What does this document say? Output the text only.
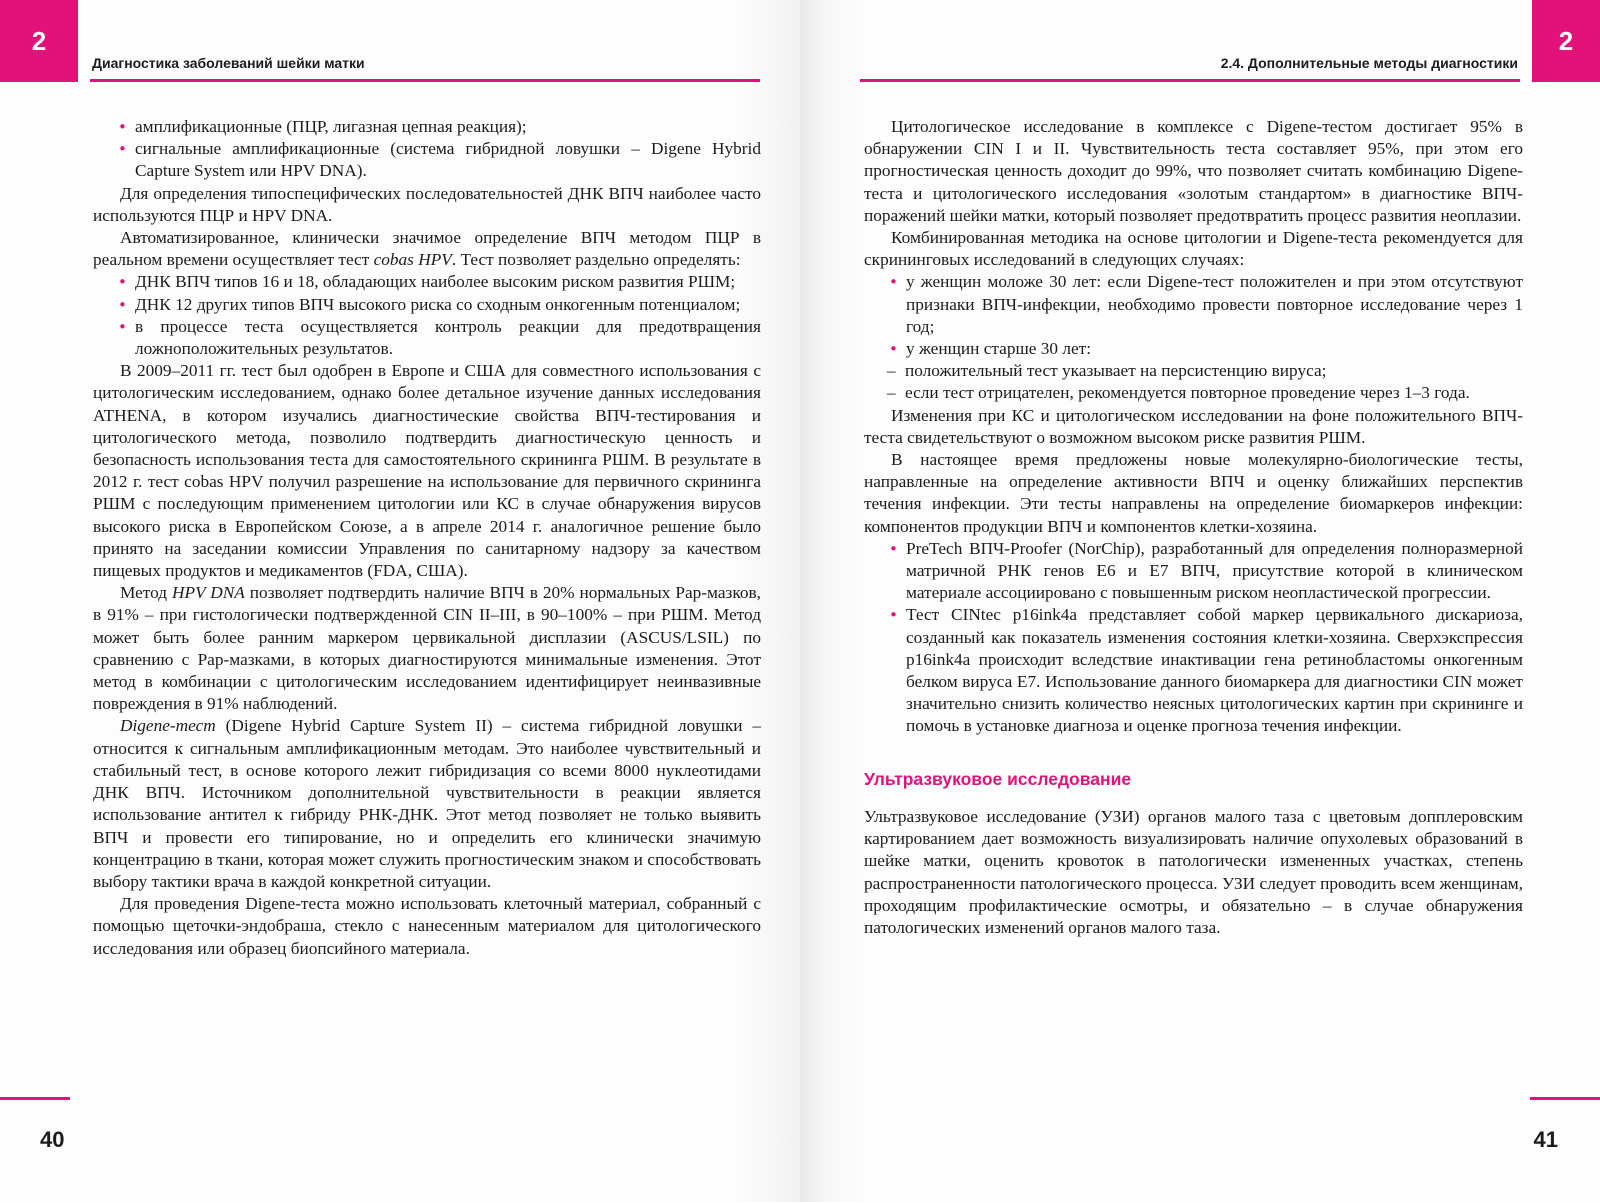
2
Диагностика заболеваний шейки матки
• амплификационные (ПЦР, лигазная цепная реакция);
• сигнальные амплификационные (система гибридной ловушки – Digene Hybrid Capture System или HPV DNA).

Для определения типоспецифических последовательностей ДНК ВПЧ наиболее часто используются ПЦР и HPV DNA.

Автоматизированное, клинически значимое определение ВПЧ методом ПЦР в реальном времени осуществляет тест cobas HPV. Тест позволяет раздельно определять:

• ДНК ВПЧ типов 16 и 18, обладающих наиболее высоким риском развития РШМ;
• ДНК 12 других типов ВПЧ высокого риска со сходным онкогенным потенциалом;
• в процессе теста осуществляется контроль реакции для предотвращения ложноположительных результатов.

В 2009–2011 гг. тест был одобрен в Европе и США для совместного использования с цитологическим исследованием, однако более детальное изучение данных исследования ATHENA, в котором изучались диагностические свойства ВПЧ-тестирования и цитологического метода, позволило подтвердить диагностическую ценность и безопасность использования теста для самостоятельного скрининга РШМ. В результате в 2012 г. тест cobas HPV получил разрешение на использование для первичного скрининга РШМ с последующим применением цитологии или КС в случае обнаружения вирусов высокого риска в Европейском Союзе, а в апреле 2014 г. аналогичное решение было принято на заседании комиссии Управления по санитарному надзору за качеством пищевых продуктов и медикаментов (FDA, США).

Метод HPV DNA позволяет подтвердить наличие ВПЧ в 20% нормальных Pap-мазков, в 91% – при гистологически подтвержденной CIN II–III, в 90–100% – при РШМ. Метод может быть более ранним маркером цервикальной дисплазии (ASCUS/LSIL) по сравнению с Pap-мазками, в которых диагностируются минимальные изменения. Этот метод в комбинации с цитологическим исследованием идентифицирует неинвазивные повреждения в 91% наблюдений.

Digene-тест (Digene Hybrid Capture System II) – система гибридной ловушки – относится к сигнальным амплификационным методам. Это наиболее чувствительный и стабильный тест, в основе которого лежит гибридизация со всеми 8000 нуклеотидами ДНК ВПЧ. Источником дополнительной чувствительности в реакции является использование антител к гибриду РНК-ДНК. Этот метод позволяет не только выявить ВПЧ и провести его типирование, но и определить его клинически значимую концентрацию в ткани, которая может служить прогностическим знаком и способствовать выбору тактики врача в каждой конкретной ситуации.

Для проведения Digene-теста можно использовать клеточный материал, собранный с помощью щеточки-эндобраша, стекло с нанесенным материалом для цитологического исследования или образец биопсийного материала.

40
2
2.4. Дополнительные методы диагностики

Цитологическое исследование в комплексе с Digene-тестом достигает 95% в обнаружении CIN I и II. Чувствительность теста составляет 95%, при этом его прогностическая ценность доходит до 99%, что позволяет считать комбинацию Digene-теста и цитологического исследования «золотым стандартом» в диагностике ВПЧ-поражений шейки матки, который позволяет предотвратить процесс развития неоплазии.

Комбинированная методика на основе цитологии и Digene-теста рекомендуется для скрининговых исследований в следующих случаях:

• у женщин моложе 30 лет: если Digene-тест положителен и при этом отсутствуют признаки ВПЧ-инфекции, необходимо провести повторное исследование через 1 год;
• у женщин старше 30 лет:
– положительный тест указывает на персистенцию вируса;
– если тест отрицателен, рекомендуется повторное проведение через 1–3 года.

Изменения при КС и цитологическом исследовании на фоне положительного ВПЧ-теста свидетельствуют о возможном высоком риске развития РШМ.

В настоящее время предложены новые молекулярно-биологические тесты, направленные на определение активности ВПЧ и оценку ближайших перспектив течения инфекции. Эти тесты направлены на определение биомаркеров инфекции: компонентов продукции ВПЧ и компонентов клетки-хозяина.

• PreTech ВПЧ-Proofer (NorChip), разработанный для определения полноразмерной матричной РНК генов Е6 и Е7 ВПЧ, присутствие которой в клиническом материале ассоциировано с повышенным риском неопластической прогрессии.
• Тест CINtec p16ink4a представляет собой маркер цервикального дискариоза, созданный как показатель изменения состояния клетки-хозяина. Сверхэкспрессия p16ink4a происходит вследствие инактивации гена ретинобластомы онкогенным белком вируса Е7. Использование данного биомаркера для диагностики CIN может значительно снизить количество неясных цитологических картин при скрининге и помочь в установке диагноза и оценке прогноза течения инфекции.
Ультразвуковое исследование

Ультразвуковое исследование (УЗИ) органов малого таза с цветовым допплеровским картированием дает возможность визуализировать наличие опухолевых образований в шейке матки, оценить кровоток в патологически измененных участках, степень распространенности патологического процесса. УЗИ следует проводить всем женщинам, проходящим профилактические осмотры, и обязательно – в случае обнаружения патологических изменений органов малого таза.

41
